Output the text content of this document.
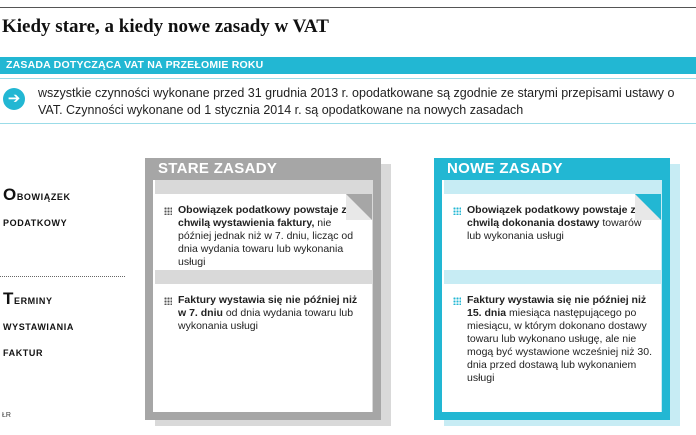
Kiedy stare, a kiedy nowe zasady w VAT
ZASADA DOTYCZĄCA VAT NA PRZEŁOMIE ROKU
➔	wszystkie czynności wykonane przed 31 grudnia 2013 r. opodatkowane są zgodnie ze starymi przepisami ustawy o VAT. Czynności wykonane od 1 stycznia 2014 r. są opodatkowane na nowych zasadach
Obowiązek
podatkowy
Terminy
wystawiania
faktur
STARE ZASADY
Obowiązek podatkowy powstaje z chwilą wystawienia faktury, nie później jednak niż w 7. dniu, licząc od dnia wydania towaru lub wykonania usługi
Faktury wystawia się nie później niż w 7. dniu od dnia wydania towaru lub wykonania usługi
NOWE ZASADY
Obowiązek podatkowy powstaje z chwilą dokonania dostawy towarów lub wykonania usługi
Faktury wystawia się nie później niż 15. dnia miesiąca następującego po miesiącu, w którym dokonano dostawy towaru lub wykonano usługę, ale nie mogą być wystawione wcześniej niż 30. dnia przed dostawą lub wykonaniem usługi
ŁR
